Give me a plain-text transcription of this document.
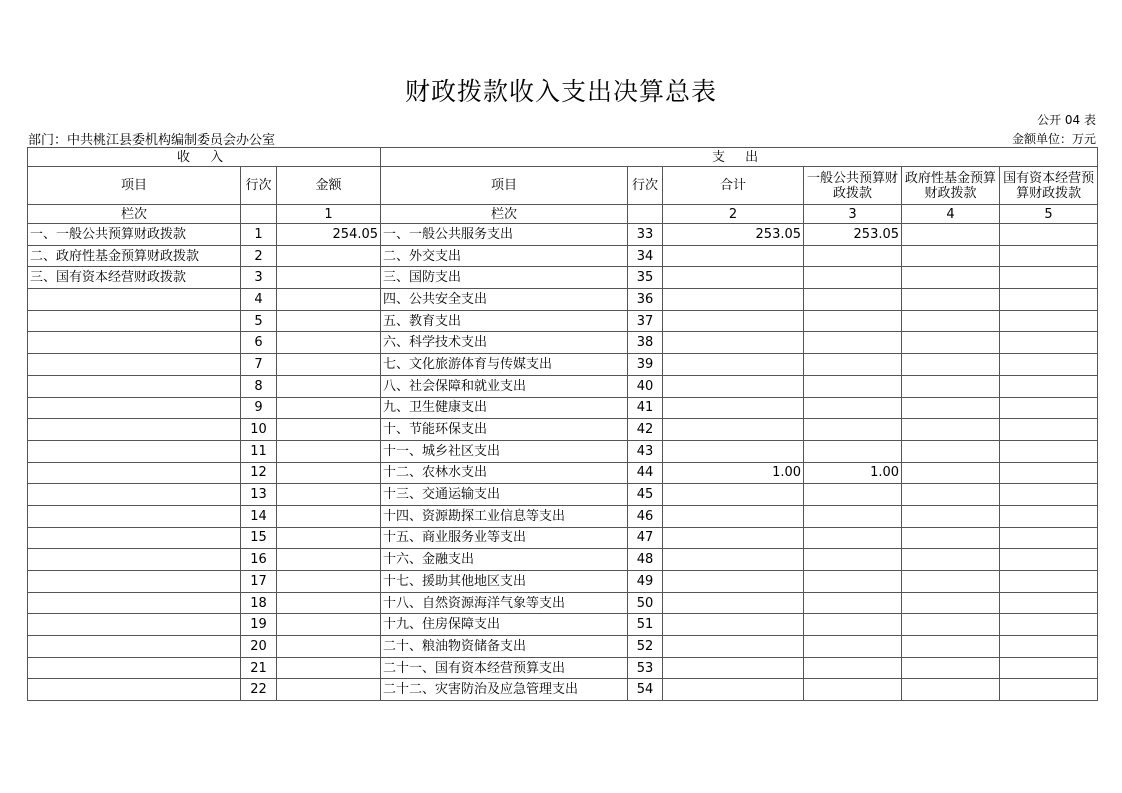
财政拨款收入支出决算总表
公开 04 表
部门：中共桃江县委机构编制委员会办公室	金额单位：万元
收 入			支 出					
项目	行次	金额	项目	行次	合计	一般公共预算财政拨款	政府性基金预算财政拨款	国有资本经营预算财政拨款
栏次		1	栏次		2	3	4	5
一、一般公共预算财政拨款	1	254.05	一、一般公共服务支出	33	253.05	253.05		
二、政府性基金预算财政拨款	2		二、外交支出	34				
三、国有资本经营财政拨款	3		三、国防支出	35				
	4		四、公共安全支出	36				
	5		五、教育支出	37				
	6		六、科学技术支出	38				
	7		七、文化旅游体育与传媒支出	39				
	8		八、社会保障和就业支出	40				
	9		九、卫生健康支出	41				
	10		十、节能环保支出	42				
	11		十一、城乡社区支出	43				
	12		十二、农林水支出	44	1.00	1.00		
	13		十三、交通运输支出	45				
	14		十四、资源勘探工业信息等支出	46				
	15		十五、商业服务业等支出	47				
	16		十六、金融支出	48				
	17		十七、援助其他地区支出	49				
	18		十八、自然资源海洋气象等支出	50				
	19		十九、住房保障支出	51				
	20		二十、粮油物资储备支出	52				
	21		二十一、国有资本经营预算支出	53				
	22		二十二、灾害防治及应急管理支出	54				
